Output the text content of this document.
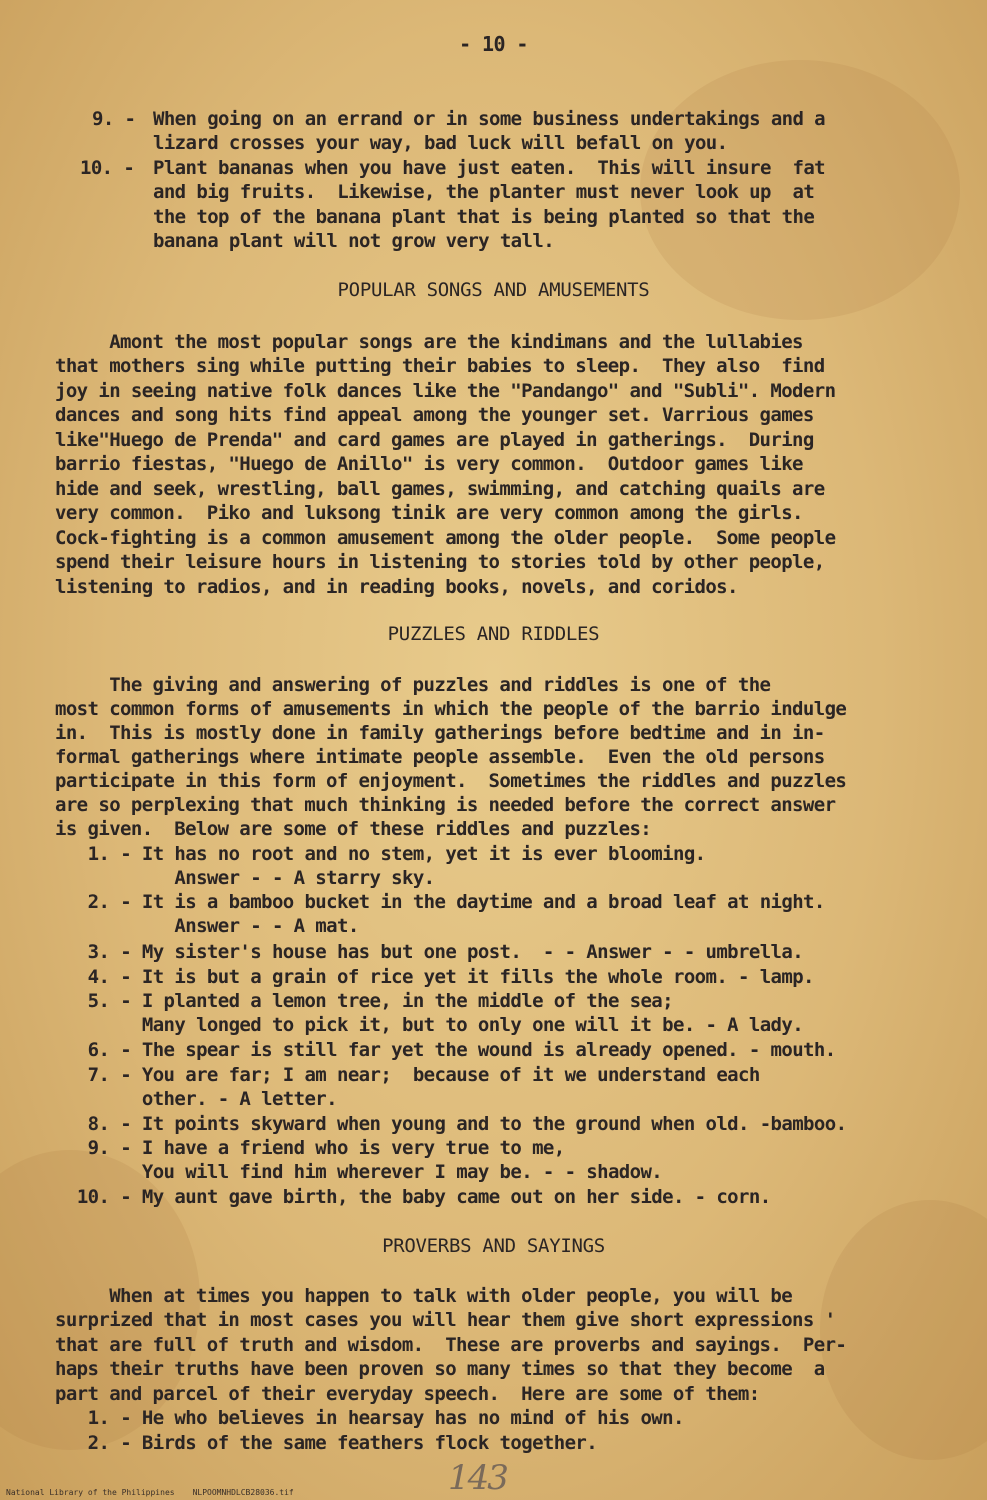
- 10 -
9. - When going on an errand or in some business undertakings and a
lizard crosses your way, bad luck will befall on you.
10. - Plant bananas when you have just eaten.  This will insure  fat
and big fruits.  Likewise, the planter must never look up  at
the top of the banana plant that is being planted so that the
banana plant will not grow very tall.
POPULAR SONGS AND AMUSEMENTS
Amont the most popular songs are the kindimans and the lullabies
that mothers sing while putting their babies to sleep.  They also  find
joy in seeing native folk dances like the "Pandango" and "Subli". Modern
dances and song hits find appeal among the younger set. Varrious games
like"Huego de Prenda" and card games are played in gatherings.  During
barrio fiestas, "Huego de Anillo" is very common.  Outdoor games like
hide and seek, wrestling, ball games, swimming, and catching quails are
very common.  Piko and luksong tinik are very common among the girls.
Cock-fighting is a common amusement among the older people.  Some people
spend their leisure hours in listening to stories told by other people,
listening to radios, and in reading books, novels, and coridos.
PUZZLES AND RIDDLES
The giving and answering of puzzles and riddles is one of the
most common forms of amusements in which the people of the barrio indulge
in.  This is mostly done in family gatherings before bedtime and in in-
formal gatherings where intimate people assemble.  Even the old persons
participate in this form of enjoyment.  Sometimes the riddles and puzzles
are so perplexing that much thinking is needed before the correct answer
is given.  Below are some of these riddles and puzzles:
1. - It has no root and no stem, yet it is ever blooming.
Answer - - A starry sky.
2. - It is a bamboo bucket in the daytime and a broad leaf at night.
Answer - - A mat.
3. - My sister's house has but one post.  - - Answer - - umbrella.
4. - It is but a grain of rice yet it fills the whole room. - lamp.
5. - I planted a lemon tree, in the middle of the sea;
Many longed to pick it, but to only one will it be. - A lady.
6. - The spear is still far yet the wound is already opened. - mouth.
7. - You are far; I am near;  because of it we understand each
other. - A letter.
8. - It points skyward when young and to the ground when old. -bamboo.
9. - I have a friend who is very true to me,
You will find him wherever I may be. - - shadow.
10. - My aunt gave birth, the baby came out on her side. - corn.
PROVERBS AND SAYINGS
When at times you happen to talk with older people, you will be
surprized that in most cases you will hear them give short expressions '
that are full of truth and wisdom.  These are proverbs and sayings.  Per-
haps their truths have been proven so many times so that they become  a
part and parcel of their everyday speech.  Here are some of them:
1. - He who believes in hearsay has no mind of his own.
2. - Birds of the same feathers flock together.
143
National Library of the Philippines NLPOOMNHDLCB28036.tif
